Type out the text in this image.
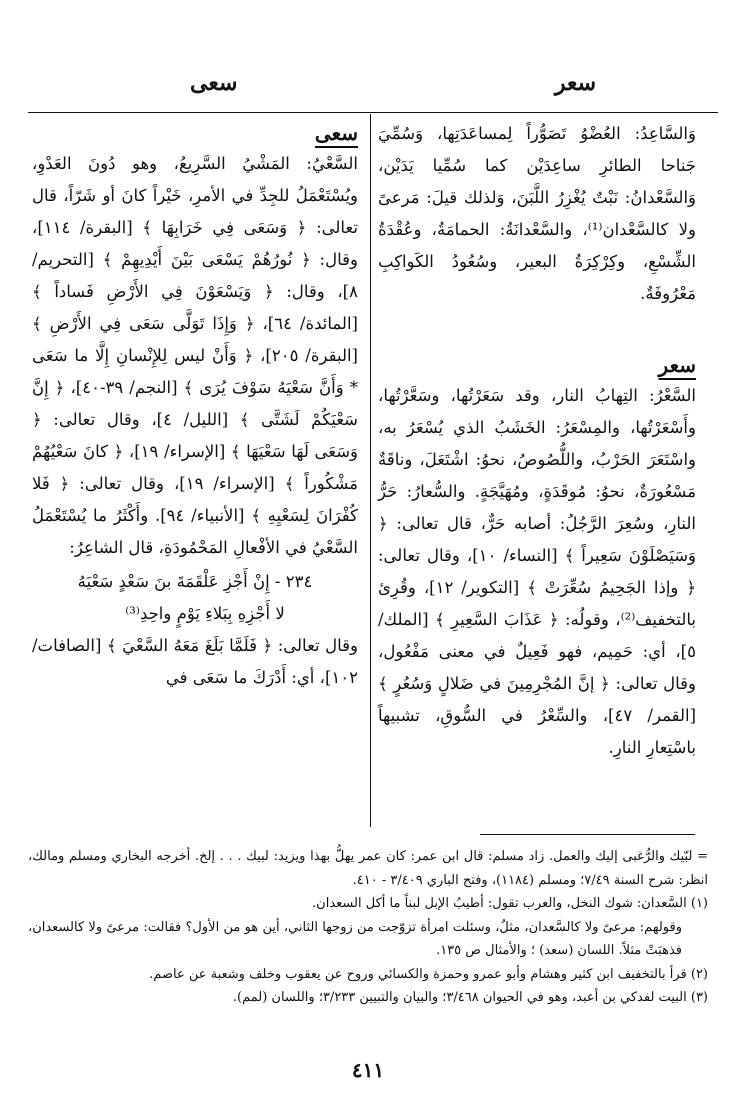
سعر
سعى

وَالسَّاعِدُ: العُضْوُ تَصَوُّراً لِمساعَدَتِها، وَسُمِّيَ جَناحا الطائرِ ساعِدَيْن كما سُمِّيا يَدَيْن، وَالسَّعْدانُ: نَبْتٌ يُغْزِرُ اللَّبَنَ، وَلذلك قيلَ: مَرعىً ولا كالسَّعْدان⁽¹⁾، والسَّعْدانَةُ: الحمامَةُ، وعُقْدَةُ الشِّسْعِ، وكِرْكِرَةُ البعير، وسُعُودُ الكَواكِبِ مَعْرُوفَةٌ.

سعر

السَّعْرُ: التِهابُ النار، وقد سَعَرْتُها، وسَعَّرْتُها، وأَسْعَرْتُها، والمِسْعَرُ: الخَشَبُ الذي يُسْعَرُ به، واسْتَعَرَ الحَرْبُ، واللُّصُوصُ، نحوُ: اشْتَعَلَ، وناقَةٌ مَسْعُورَةٌ، نحوُ: مُوقَدَةٍ، ومُهَيَّجَةٍ. والسُّعارُ: حَرُّ النارِ، وسُعِرَ الرَّجُلُ: أصابه حَرٌّ، قال تعالى: ﴿ وَسَيَصْلَوْنَ سَعِيراً ﴾ [النساء/ ١٠]، وقال تعالى: ﴿ وإذا الجَحِيمُ سُعِّرَتْ ﴾ [التكوير/ ١٢]، وقُرِئ بالتخفيف⁽²⁾، وقولُه: ﴿ عَذَابَ السَّعِيرِ ﴾ [الملك/ ٥]، أي: حَمِيم، فهو فَعِيلٌ في معنى مَفْعُول، وقال تعالى: ﴿ إنَّ المُجْرِمِينَ في ضَلالٍ وَسُعُرٍ ﴾ [القمر/ ٤٧]، والسِّعْرُ في السُّوقِ، تشبيهاً باسْتِعارِ النارِ.

سعى

السَّعْيُ: المَشْيُ السَّرِيعُ، وهو دُونَ العَدْوِ، ويُسْتَعْمَلُ للجِدِّ في الأمرِ، خَيْراً كانَ أو شَرّاً، قال تعالى: ﴿ وَسَعَى فِي خَرَابِهَا ﴾ [البقرة/ ١١٤]، وقال: ﴿ نُورُهُمْ يَسْعَى بَيْنَ أَيْدِيهِمْ ﴾ [التحريم/ ٨]، وقال: ﴿ وَيَسْعَوْنَ فِي الأَرْضِ فَساداً ﴾ [المائدة/ ٦٤]، ﴿ وَإِذَا تَوَلَّى سَعَى فِي الأَرْضِ ﴾ [البقرة/ ٢٠٥]، ﴿ وَأَنْ ليس لِلإِنْسانِ إِلَّا ما سَعَى * وَأَنَّ سَعْيَهُ سَوْفَ يُرَى ﴾ [النجم/ ٣٩-٤٠]، ﴿ إِنَّ سَعْيَكُمْ لَشَتَّى ﴾ [الليل/ ٤]، وقال تعالى: ﴿ وَسَعَى لَهَا سَعْيَهَا ﴾ [الإسراء/ ١٩]، ﴿ كانَ سَعْيُهُمْ مَشْكُوراً ﴾ [الإسراء/ ١٩]، وقال تعالى: ﴿ فَلا كُفْرَانَ لِسَعْيِهِ ﴾ [الأنبياء/ ٩٤]. وأَكْثَرُ ما يُسْتَعْمَلُ السَّعْيُ في الأفْعالِ المَحْمُودَةِ، قال الشاعِرُ:

٢٣٤ - إِنْ أَجْزِ عَلْقَمَةَ بنَ سَعْدٍ سَعْيَهُ

لا أَجْزِهِ بِبَلاءِ يَوْمٍ واحِدِ⁽³⁾

وقال تعالى: ﴿ فَلَمَّا بَلَغَ مَعَهُ السَّعْيَ ﴾ [الصافات/ ١٠٢]، أي: أَدْرَكَ ما سَعَى في

= لبّيك والرُّغبى إليك والعمل. زاد مسلم: قال ابن عمر: كان عمر يهلُّ بهذا ويزيد: لبيك . . . إلخ. أخرجه البخاري ومسلم ومالك، انظر: شرح السنة ٧/٤٩؛ ومسلم (١١٨٤)، وفتح الباري ٣/٤٠٩ - ٤١٠.

(١) السَّعدان: شوك النخل، والعرب تقول: أطيبُ الإبل لبناً ما أكل السعدان.

وقولهم: مرعىً ولا كالسَّعدان، مثلٌ، وسئلت امرأة تزوّجت من زوجها الثاني، أين هو من الأول؟ فقالت: مرعىً ولا كالسعدان، فذهبَتْ مثلاً. اللسان (سعد) ؛ والأمثال ص ١٣٥.

(٢) قرأ بالتخفيف ابن كثير وهشام وأبو عمرو وحمزة والكسائي وروح عن يعقوب وخلف وشعبة عن عاصم.

(٣) البيت لفدكي بن أعبد، وهو في الحيوان ٣/٤٦٨؛ والبيان والتبيين ٣/٢٣٣؛ واللسان (لمم).

٤١١
